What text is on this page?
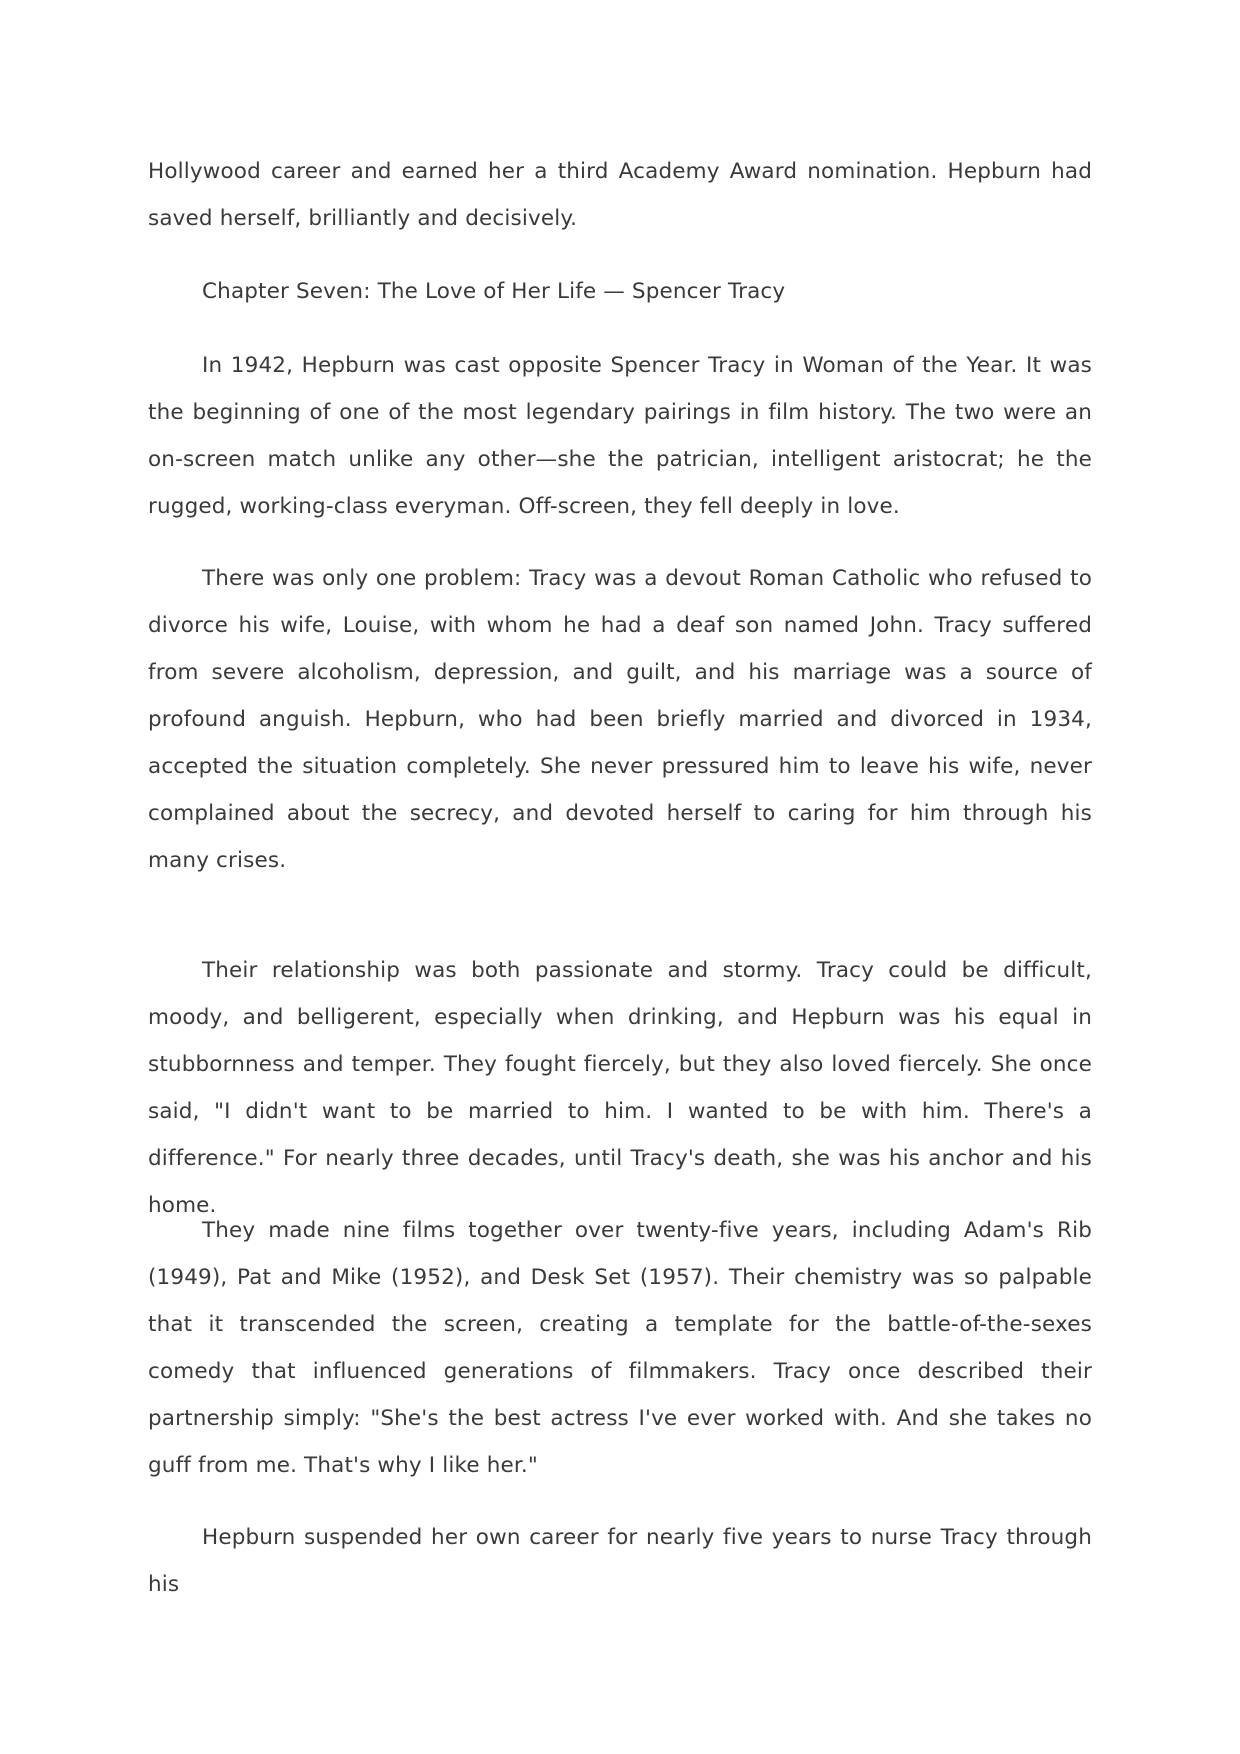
Hollywood career and earned her a third Academy Award nomination. Hepburn had saved herself, brilliantly and decisively.

Chapter Seven: The Love of Her Life — Spencer Tracy

In 1942, Hepburn was cast opposite Spencer Tracy in Woman of the Year. It was the beginning of one of the most legendary pairings in film history. The two were an on-screen match unlike any other—she the patrician, intelligent aristocrat; he the rugged, working-class everyman. Off-screen, they fell deeply in love.

There was only one problem: Tracy was a devout Roman Catholic who refused to divorce his wife, Louise, with whom he had a deaf son named John. Tracy suffered from severe alcoholism, depression, and guilt, and his marriage was a source of profound anguish. Hepburn, who had been briefly married and divorced in 1934, accepted the situation completely. She never pressured him to leave his wife, never complained about the secrecy, and devoted herself to caring for him through his many crises.

Their relationship was both passionate and stormy. Tracy could be difficult, moody, and belligerent, especially when drinking, and Hepburn was his equal in stubbornness and temper. They fought fiercely, but they also loved fiercely. She once said, "I didn't want to be married to him. I wanted to be with him. There's a difference." For nearly three decades, until Tracy's death, she was his anchor and his home.

They made nine films together over twenty-five years, including Adam's Rib (1949), Pat and Mike (1952), and Desk Set (1957). Their chemistry was so palpable that it transcended the screen, creating a template for the battle-of-the-sexes comedy that influenced generations of filmmakers. Tracy once described their partnership simply: "She's the best actress I've ever worked with. And she takes no guff from me. That's why I like her."

Hepburn suspended her own career for nearly five years to nurse Tracy through his
